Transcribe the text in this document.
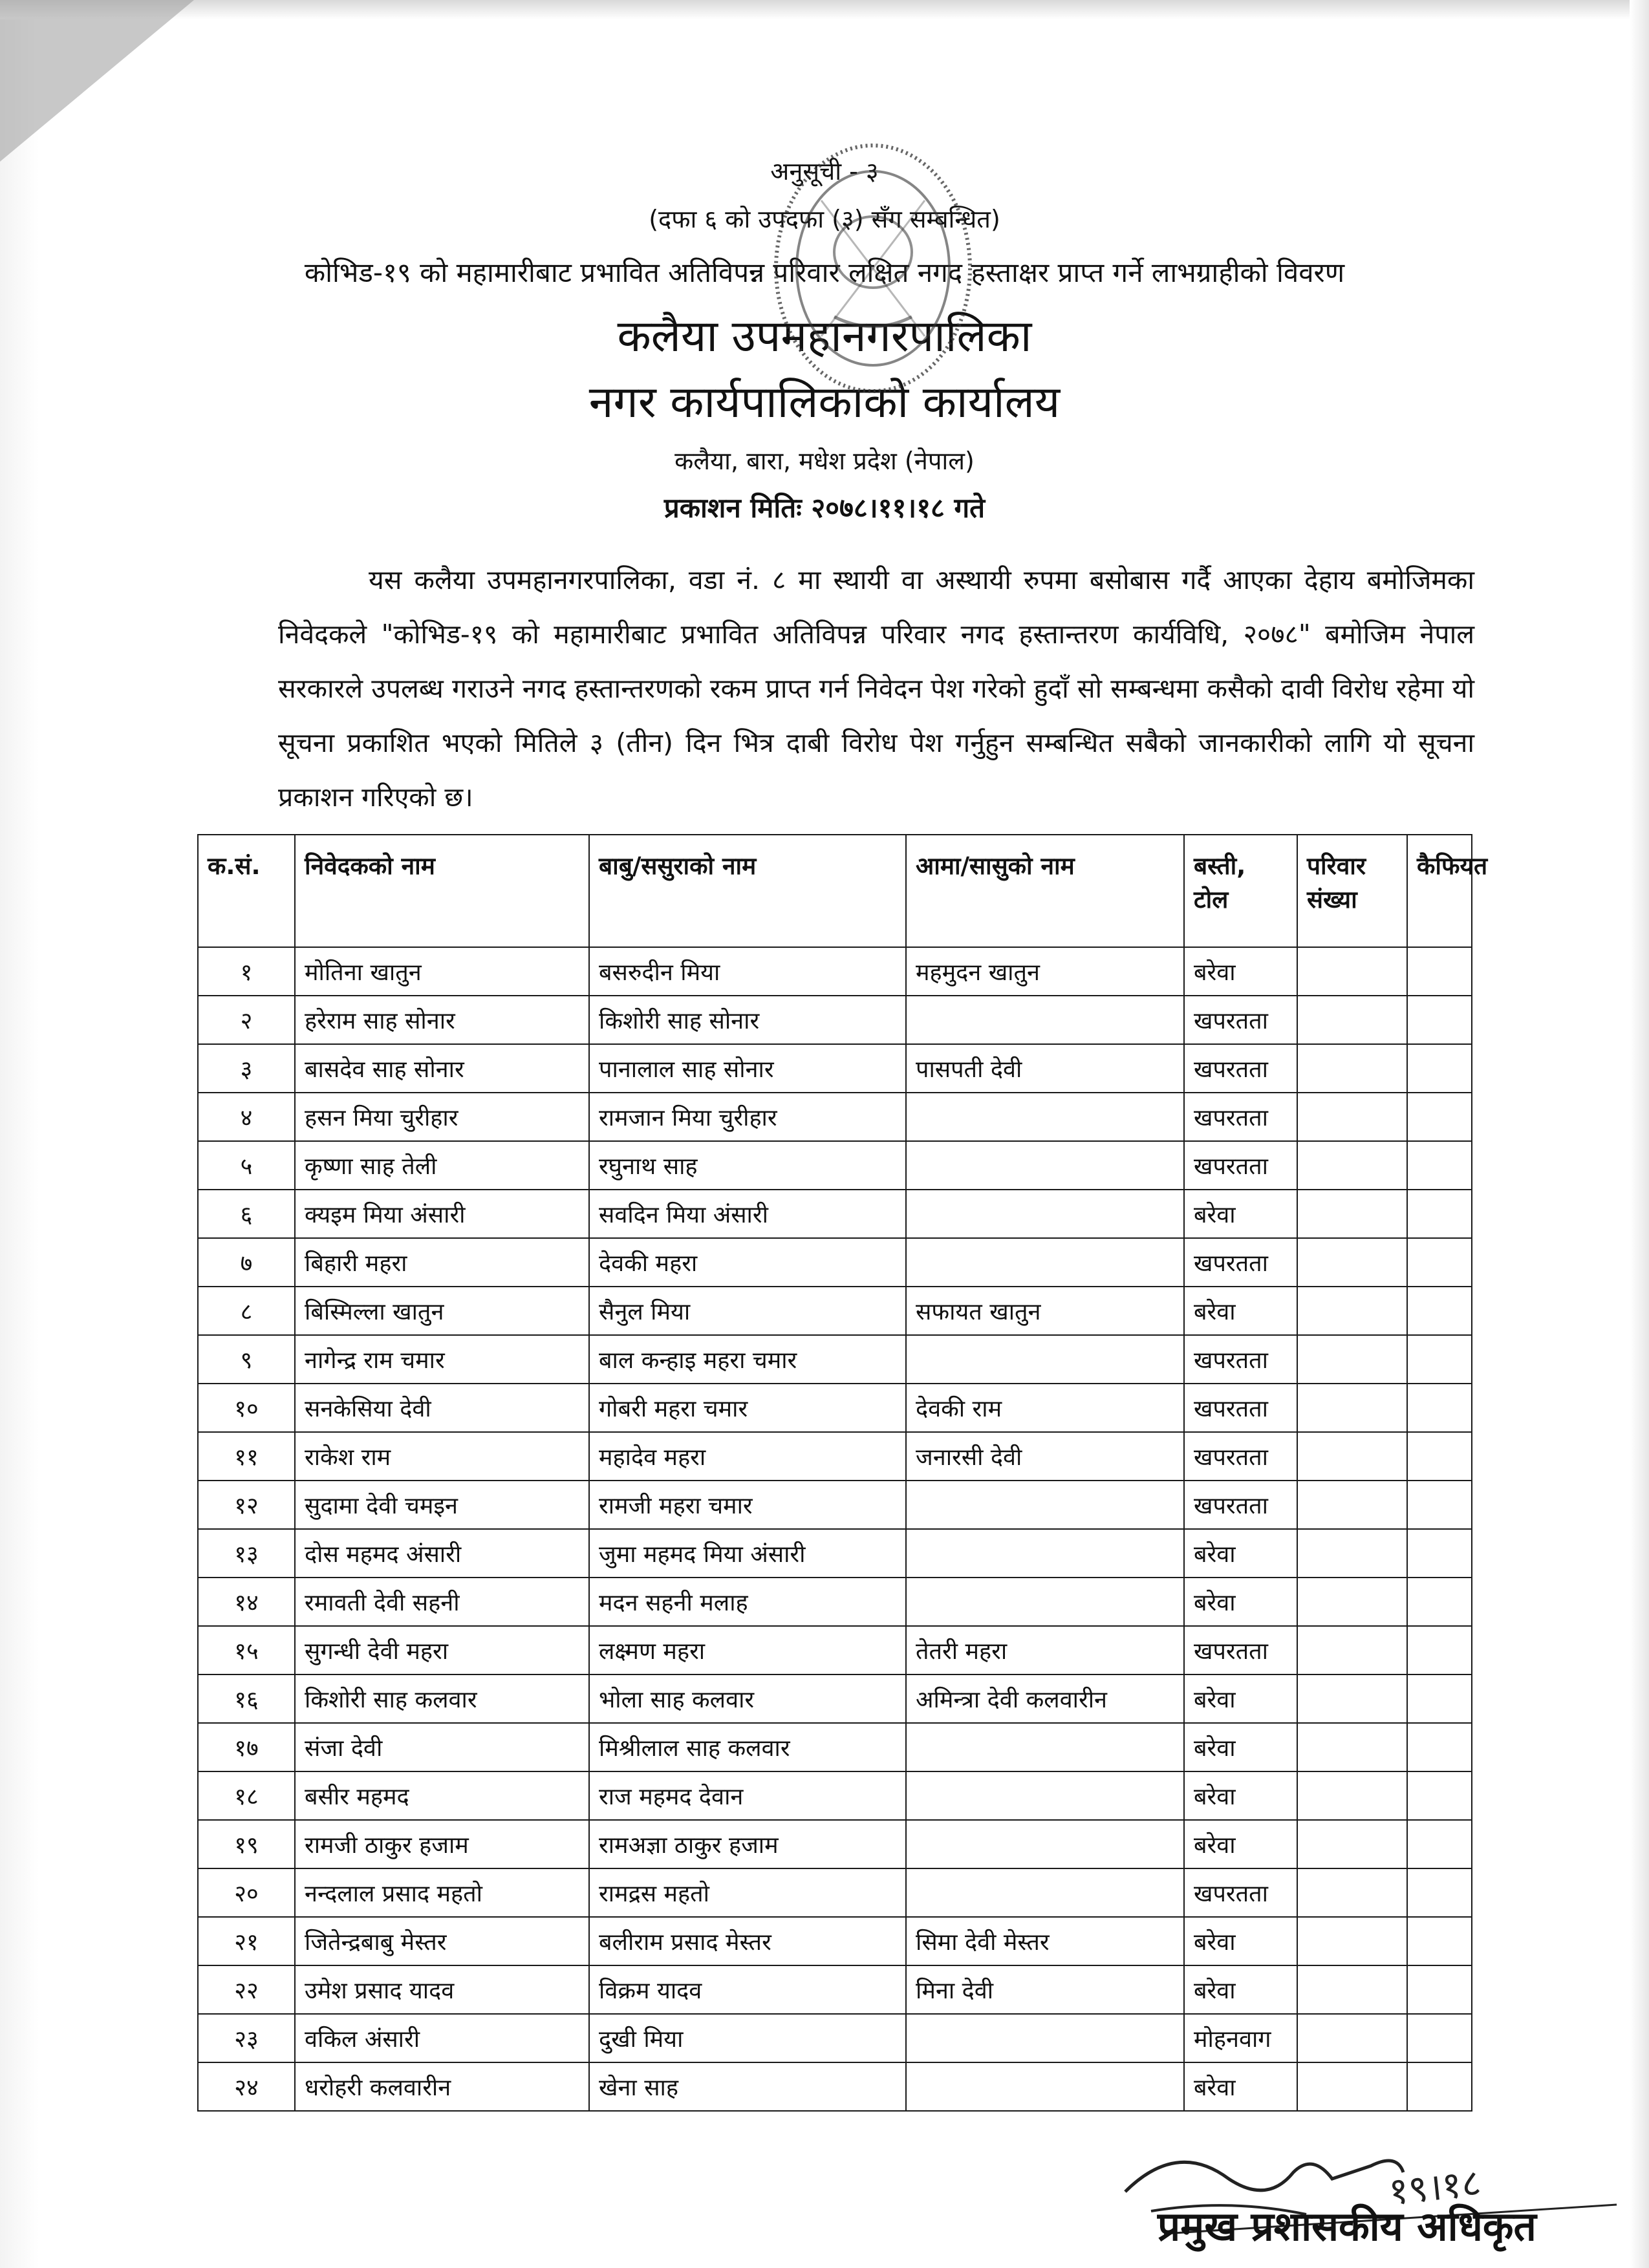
अनुसूची - ३
(दफा ६ को उपदफा (३) सँग सम्बन्धित)
कोभिड-१९ को महामारीबाट प्रभावित अतिविपन्न परिवार लक्षित नगद हस्ताक्षर प्राप्त गर्ने लाभग्राहीको विवरण
कलैया उपमहानगरपालिका
नगर कार्यपालिकाको कार्यालय
कलैया, बारा, मधेश प्रदेश (नेपाल)
प्रकाशन मितिः २०७८।११।१८ गते

यस कलैया उपमहानगरपालिका, वडा नं. ८ मा स्थायी वा अस्थायी रुपमा बसोबास गर्दै आएका देहाय बमोजिमका निवेदकले "कोभिड-१९ को महामारीबाट प्रभावित अतिविपन्न परिवार नगद हस्तान्तरण कार्यविधि, २०७८" बमोजिम नेपाल सरकारले उपलब्ध गराउने नगद हस्तान्तरणको रकम प्राप्त गर्न निवेदन पेश गरेको हुदाँ सो सम्बन्धमा कसैको दावी विरोध रहेमा यो सूचना प्रकाशित भएको मितिले ३ (तीन) दिन भित्र दाबी विरोध पेश गर्नुहुन सम्बन्धित सबैको जानकारीको लागि यो सूचना प्रकाशन गरिएको छ।

क.सं.	निवेदकको नाम	बाबु/ससुराको नाम	आमा/सासुको नाम	बस्ती, टोल	परिवार संख्या	कैफियत
१	मोतिना खातुन	बसरुदीन मिया	महमुदन खातुन	बरेवा		
२	हरेराम साह सोनार	किशोरी साह सोनार		खपरतता		
३	बासदेव साह सोनार	पानालाल साह सोनार	पासपती देवी	खपरतता		
४	हसन मिया चुरीहार	रामजान मिया चुरीहार		खपरतता		
५	कृष्णा साह तेली	रघुनाथ साह		खपरतता		
६	क्यइम मिया अंसारी	सवदिन मिया अंसारी		बरेवा		
७	बिहारी महरा	देवकी महरा		खपरतता		
८	बिस्मिल्ला खातुन	सैनुल मिया	सफायत खातुन	बरेवा		
९	नागेन्द्र राम चमार	बाल कन्हाइ महरा चमार		खपरतता		
१०	सनकेसिया देवी	गोबरी महरा चमार	देवकी राम	खपरतता		
११	राकेश राम	महादेव महरा	जनारसी देवी	खपरतता		
१२	सुदामा देवी चमइन	रामजी महरा चमार		खपरतता		
१३	दोस महमद अंसारी	जुमा महमद मिया अंसारी		बरेवा		
१४	रमावती देवी सहनी	मदन सहनी मलाह		बरेवा		
१५	सुगन्धी देवी महरा	लक्ष्मण महरा	तेतरी महरा	खपरतता		
१६	किशोरी साह कलवार	भोला साह कलवार	अमिन्त्रा देवी कलवारीन	बरेवा		
१७	संजा देवी	मिश्रीलाल साह कलवार		बरेवा		
१८	बसीर महमद	राज महमद देवान		बरेवा		
१९	रामजी ठाकुर हजाम	रामअज्ञा ठाकुर हजाम		बरेवा		
२०	नन्दलाल प्रसाद महतो	रामद्रस महतो		खपरतता		
२१	जितेन्द्रबाबु मेस्तर	बलीराम प्रसाद मेस्तर	सिमा देवी मेस्तर	बरेवा		
२२	उमेश प्रसाद यादव	विक्रम यादव	मिना देवी	बरेवा		
२३	वकिल अंसारी	दुखी मिया		मोहनवाग		
२४	धरोहरी कलवारीन	खेना साह		बरेवा		
१९।१८
प्रमुख प्रशासकीय अधिकृत
